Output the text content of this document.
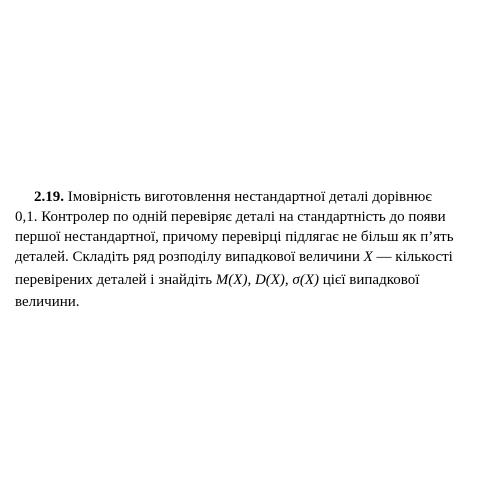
2.19. Імовірність виготовлення нестандартної деталі дорівнює
0,1. Контролер по одній перевіряє деталі на стандартність до появи
першої нестандартної, причому перевірці підлягає не більш як п’ять
деталей. Складіть ряд розподілу випадкової величини X — кількості
перевірених деталей і знайдіть M(X), D(X), σ(X) цієї випадкової
величини.
